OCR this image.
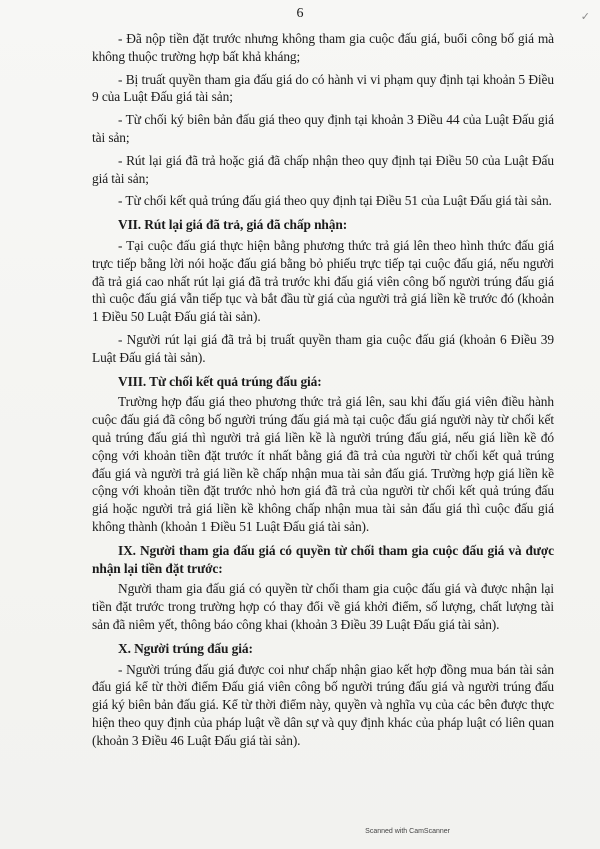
6	✓

- Đã nộp tiền đặt trước nhưng không tham gia cuộc đấu giá, buổi công bố giá mà không thuộc trường hợp bất khả kháng;

- Bị truất quyền tham gia đấu giá do có hành vi vi phạm quy định tại khoản 5 Điều 9 của Luật Đấu giá tài sản;

- Từ chối ký biên bản đấu giá theo quy định tại khoản 3 Điều 44 của Luật Đấu giá tài sản;

- Rút lại giá đã trả hoặc giá đã chấp nhận theo quy định tại Điều 50 của Luật Đấu giá tài sản;

- Từ chối kết quả trúng đấu giá theo quy định tại Điều 51 của Luật Đấu giá tài sản.

VII. Rút lại giá đã trả, giá đã chấp nhận:

- Tại cuộc đấu giá thực hiện bằng phương thức trả giá lên theo hình thức đấu giá trực tiếp bằng lời nói hoặc đấu giá bằng bỏ phiếu trực tiếp tại cuộc đấu giá, nếu người đã trả giá cao nhất rút lại giá đã trả trước khi đấu giá viên công bố người trúng đấu giá thì cuộc đấu giá vẫn tiếp tục và bắt đầu từ giá của người trả giá liền kề trước đó (khoản 1 Điều 50 Luật Đấu giá tài sản).

- Người rút lại giá đã trả bị truất quyền tham gia cuộc đấu giá (khoản 6 Điều 39 Luật Đấu giá tài sản).

VIII. Từ chối kết quả trúng đấu giá:

Trường hợp đấu giá theo phương thức trả giá lên, sau khi đấu giá viên điều hành cuộc đấu giá đã công bố người trúng đấu giá mà tại cuộc đấu giá người này từ chối kết quả trúng đấu giá thì người trả giá liền kề là người trúng đấu giá, nếu giá liền kề đó cộng với khoản tiền đặt trước ít nhất bằng giá đã trả của người từ chối kết quả trúng đấu giá và người trả giá liền kề chấp nhận mua tài sản đấu giá. Trường hợp giá liền kề cộng với khoản tiền đặt trước nhỏ hơn giá đã trả của người từ chối kết quả trúng đấu giá hoặc người trả giá liền kề không chấp nhận mua tài sản đấu giá thì cuộc đấu giá không thành (khoản 1 Điều 51 Luật Đấu giá tài sản).

IX. Người tham gia đấu giá có quyền từ chối tham gia cuộc đấu giá và được nhận lại tiền đặt trước:

Người tham gia đấu giá có quyền từ chối tham gia cuộc đấu giá và được nhận lại tiền đặt trước trong trường hợp có thay đổi về giá khởi điểm, số lượng, chất lượng tài sản đã niêm yết, thông báo công khai (khoản 3 Điều 39 Luật Đấu giá tài sản).

X. Người trúng đấu giá:

- Người trúng đấu giá được coi như chấp nhận giao kết hợp đồng mua bán tài sản đấu giá kể từ thời điểm Đấu giá viên công bố người trúng đấu giá và người trúng đấu giá ký biên bản đấu giá. Kể từ thời điểm này, quyền và nghĩa vụ của các bên được thực hiện theo quy định của pháp luật về dân sự và quy định khác của pháp luật có liên quan (khoản 3 Điều 46 Luật Đấu giá tài sản).

Scanned with CamScanner
